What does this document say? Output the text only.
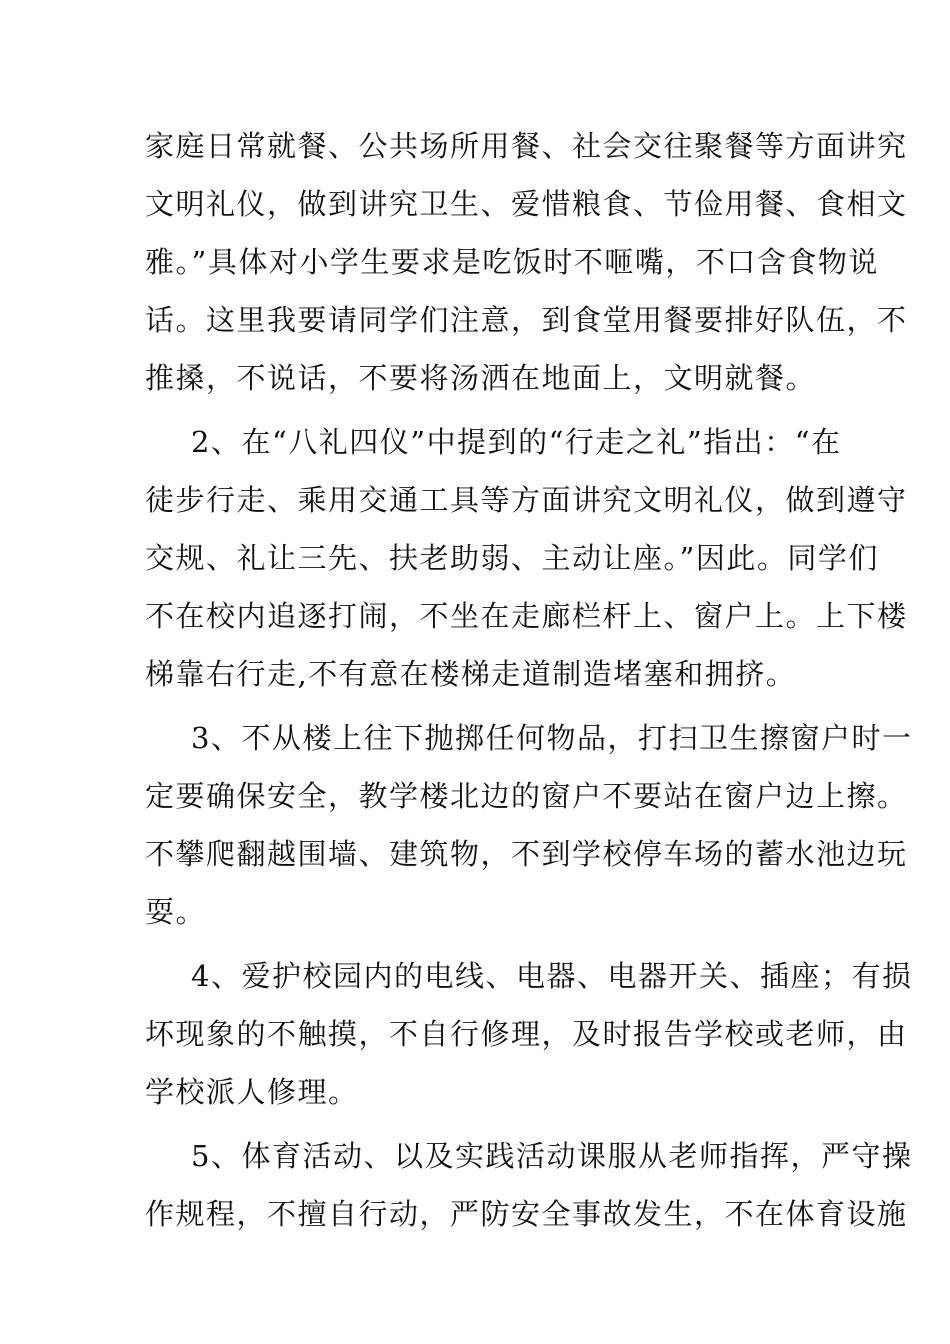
家庭日常就餐、公共场所用餐、社会交往聚餐等方面讲究
文明礼仪，做到讲究卫生、爱惜粮食、节俭用餐、食相文
雅。”具体对小学生要求是吃饭时不咂嘴，不口含食物说
话。这里我要请同学们注意，到食堂用餐要排好队伍，不
推搡，不说话，不要将汤洒在地面上，文明就餐。
2、在“八礼四仪”中提到的“行走之礼”指出：“在
徒步行走、乘用交通工具等方面讲究文明礼仪，做到遵守
交规、礼让三先、扶老助弱、主动让座。”因此。同学们
不在校内追逐打闹，不坐在走廊栏杆上、窗户上。上下楼
梯靠右行走,不有意在楼梯走道制造堵塞和拥挤。
3、不从楼上往下抛掷任何物品，打扫卫生擦窗户时一
定要确保安全，教学楼北边的窗户不要站在窗户边上擦。
不攀爬翻越围墙、建筑物，不到学校停车场的蓄水池边玩
耍。
4、爱护校园内的电线、电器、电器开关、插座；有损
坏现象的不触摸，不自行修理，及时报告学校或老师，由
学校派人修理。
5、体育活动、以及实践活动课服从老师指挥，严守操
作规程，不擅自行动，严防安全事故发生，不在体育设施
